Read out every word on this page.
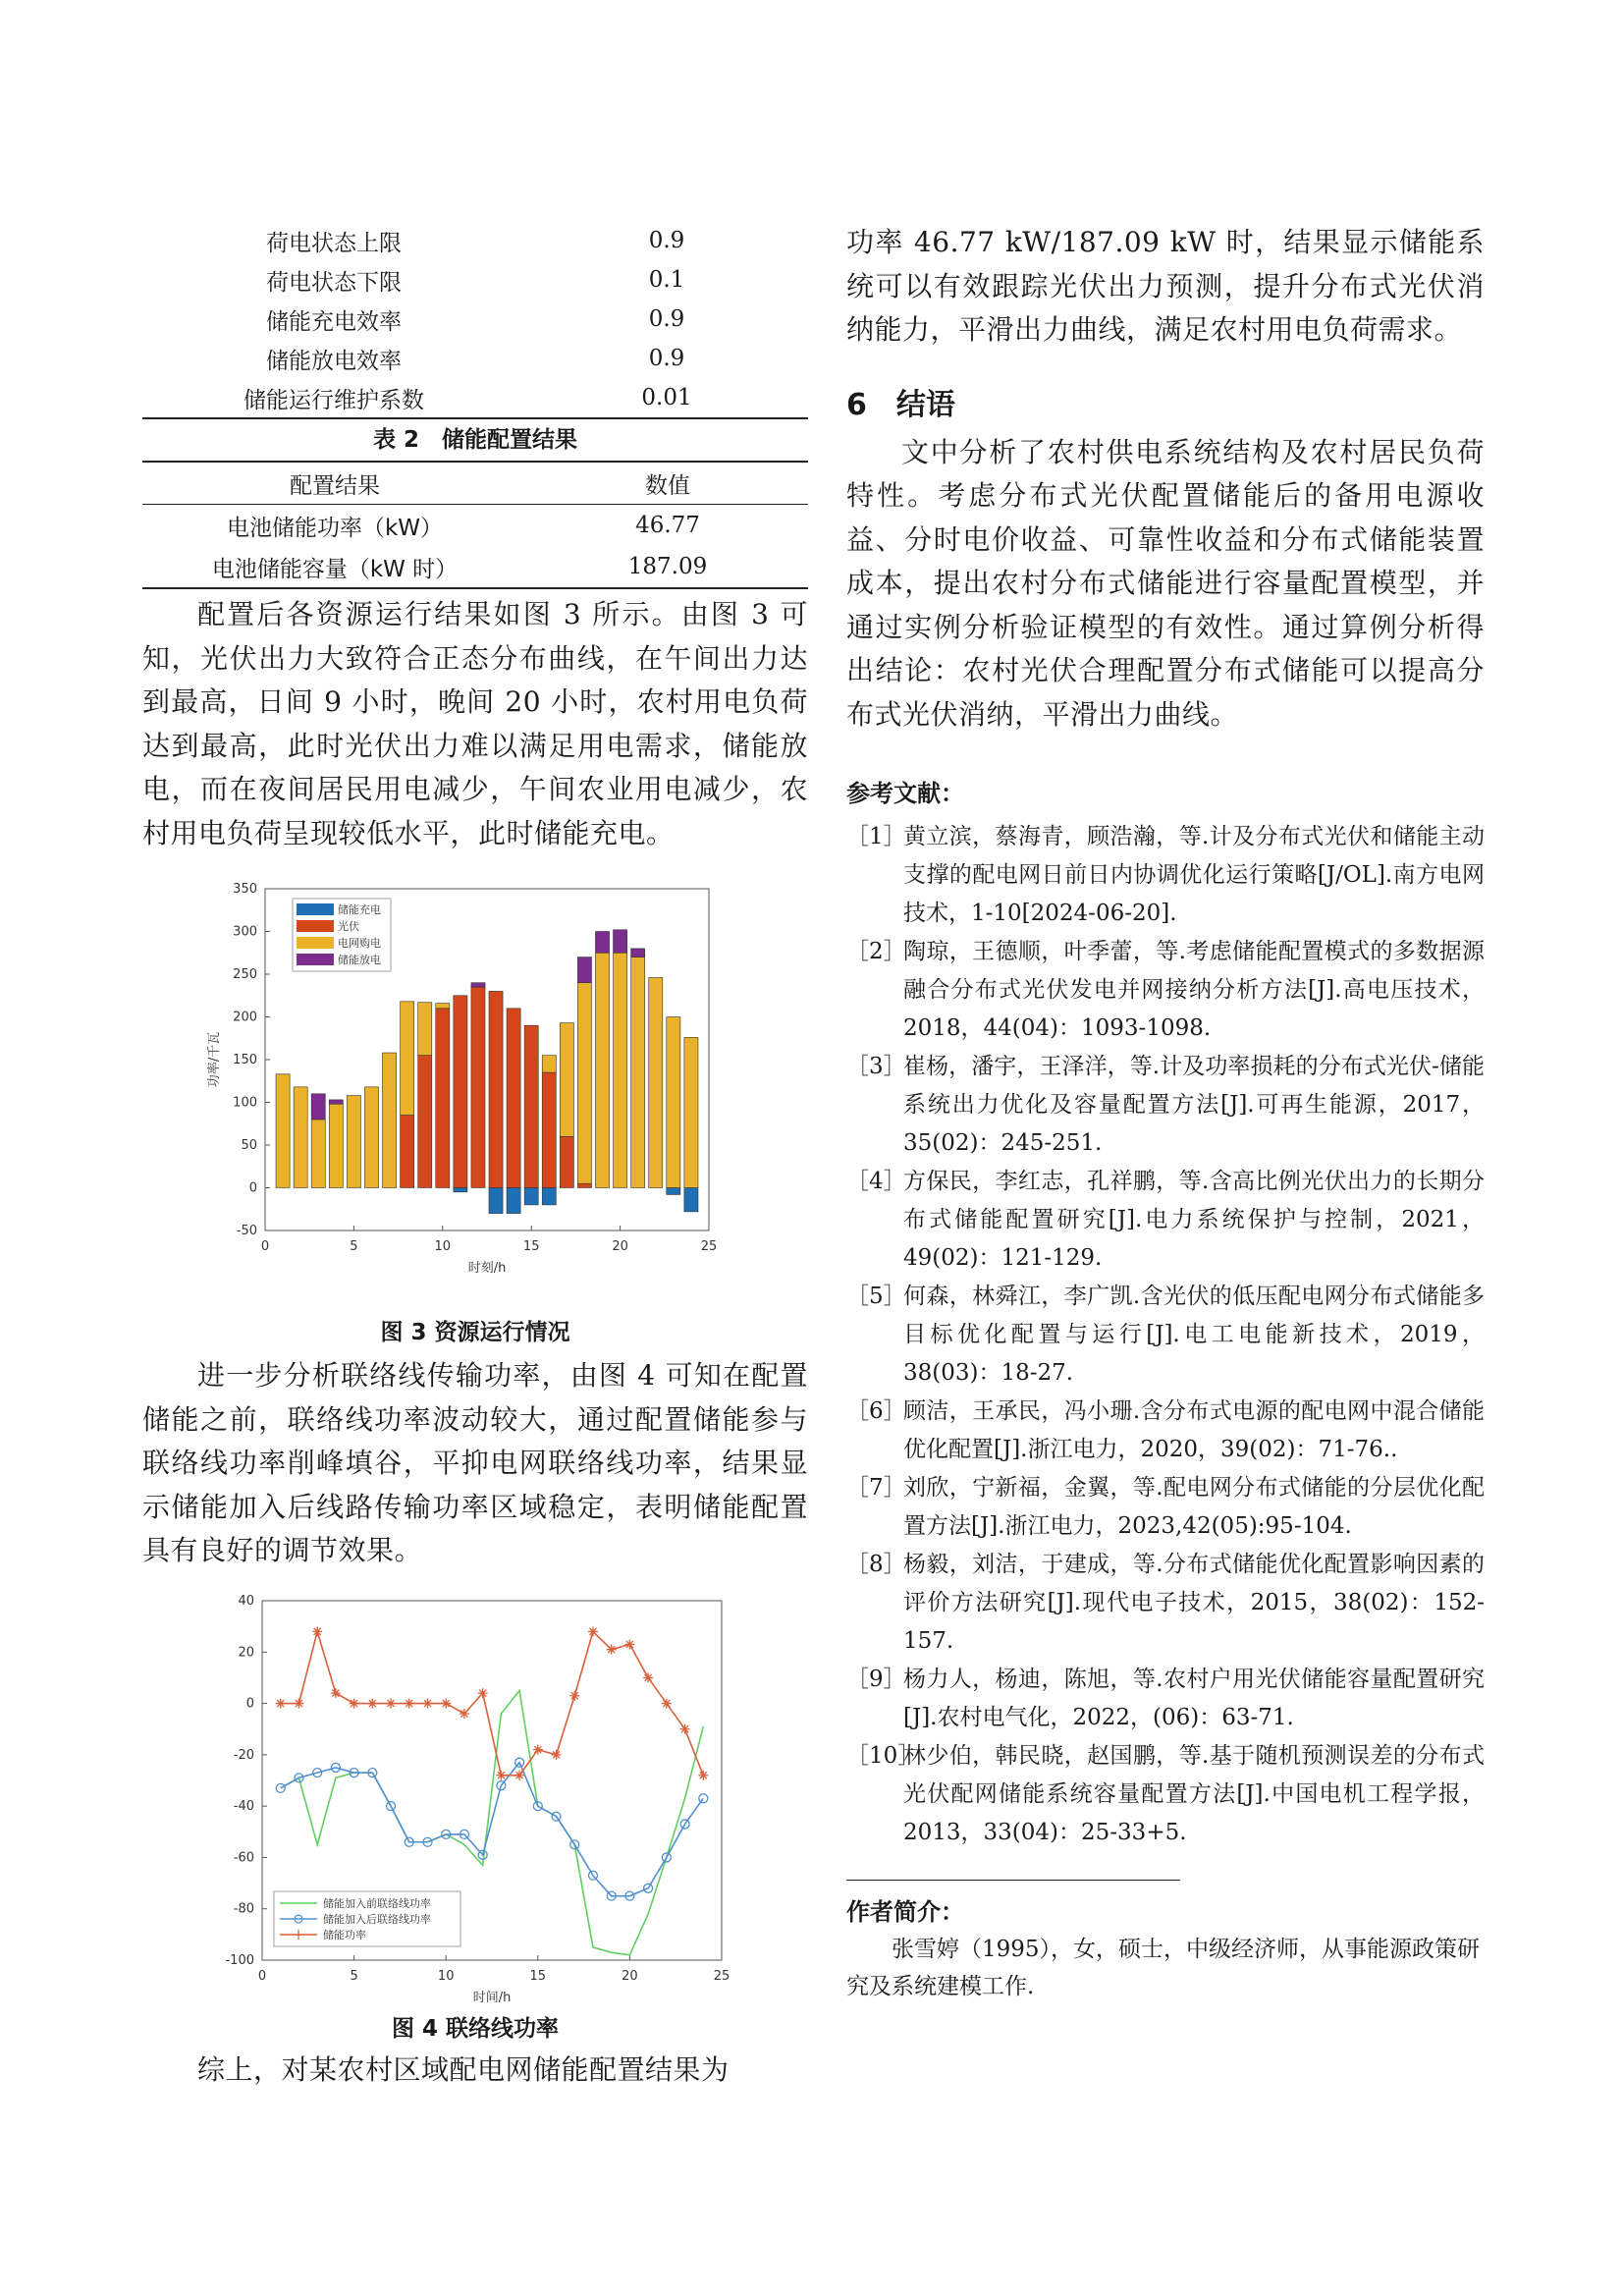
荷电状态上限	0.9
荷电状态下限	0.1
储能充电效率	0.9
储能放电效率	0.9
储能运行维护系数	0.01
表 2　储能配置结果
配置结果	数值
电池储能功率（kW）	46.77
电池储能容量（kW 时）	187.09

配置后各资源运行结果如图 3 所示。由图 3 可知，光伏出力大致符合正态分布曲线，在午间出力达到最高，日间 9 小时，晚间 20 小时，农村用电负荷达到最高，此时光伏出力难以满足用电需求，储能放电，而在夜间居民用电减少，午间农业用电减少，农村用电负荷呈现较低水平，此时储能充电。

-50
0
50
100
150
200
250
300
350
0	5	10	15	20	25
时刻/h
功率/千瓦
储能充电
光伏
电网购电
储能放电
图 3 资源运行情况

进一步分析联络线传输功率，由图 4 可知在配置储能之前，联络线功率波动较大，通过配置储能参与联络线功率削峰填谷，平抑电网联络线功率，结果显示储能加入后线路传输功率区域稳定，表明储能配置具有良好的调节效果。

-100
-80
-60
-40
-20
0
20
40
0	5	10	15	20	25
时间/h
储能加入前联络线功率
储能加入后联络线功率
储能功率
图 4 联络线功率

综上，对某农村区域配电网储能配置结果为

功率 46.77 kW/187.09 kW 时，结果显示储能系统可以有效跟踪光伏出力预测，提升分布式光伏消纳能力，平滑出力曲线，满足农村用电负荷需求。

6　结语

文中分析了农村供电系统结构及农村居民负荷特性。考虑分布式光伏配置储能后的备用电源收益、分时电价收益、可靠性收益和分布式储能装置成本，提出农村分布式储能进行容量配置模型，并通过实例分析验证模型的有效性。通过算例分析得出结论：农村光伏合理配置分布式储能可以提高分布式光伏消纳，平滑出力曲线。

参考文献：
［1］
黄立滨，蔡海青，顾浩瀚，等.计及分布式光伏和储能主动支撑的配电网日前日内协调优化运行策略[J/OL].南方电网技术，1-10[2024-06-20].
［2］
陶琼，王德顺，叶季蕾，等.考虑储能配置模式的多数据源融合分布式光伏发电并网接纳分析方法[J].高电压技术，2018，44(04)：1093-1098.
［3］
崔杨，潘宇，王泽洋，等.计及功率损耗的分布式光伏-储能系统出力优化及容量配置方法[J].可再生能源，2017，35(02)：245-251.
［4］
方保民，李红志，孔祥鹏，等.含高比例光伏出力的长期分布式储能配置研究[J].电力系统保护与控制，2021，49(02)：121-129.
［5］
何森，林舜江，李广凯.含光伏的低压配电网分布式储能多目标优化配置与运行[J].电工电能新技术，2019，38(03)：18-27.
［6］
顾洁，王承民，冯小珊.含分布式电源的配电网中混合储能优化配置[J].浙江电力，2020，39(02)：71-76..
［7］
刘欣，宁新福，金翼，等.配电网分布式储能的分层优化配置方法[J].浙江电力，2023,42(05):95-104.
［8］
杨毅，刘洁，于建成，等.分布式储能优化配置影响因素的评价方法研究[J].现代电子技术，2015，38(02)：152-157.
［9］
杨力人，杨迪，陈旭，等.农村户用光伏储能容量配置研究[J].农村电气化，2022，(06)：63-71.
［10］
林少伯，韩民晓，赵国鹏，等.基于随机预测误差的分布式光伏配网储能系统容量配置方法[J].中国电机工程学报，2013，33(04)：25-33+5.
作者简介：

张雪婷（1995），女，硕士，中级经济师，从事能源政策研究及系统建模工作.
